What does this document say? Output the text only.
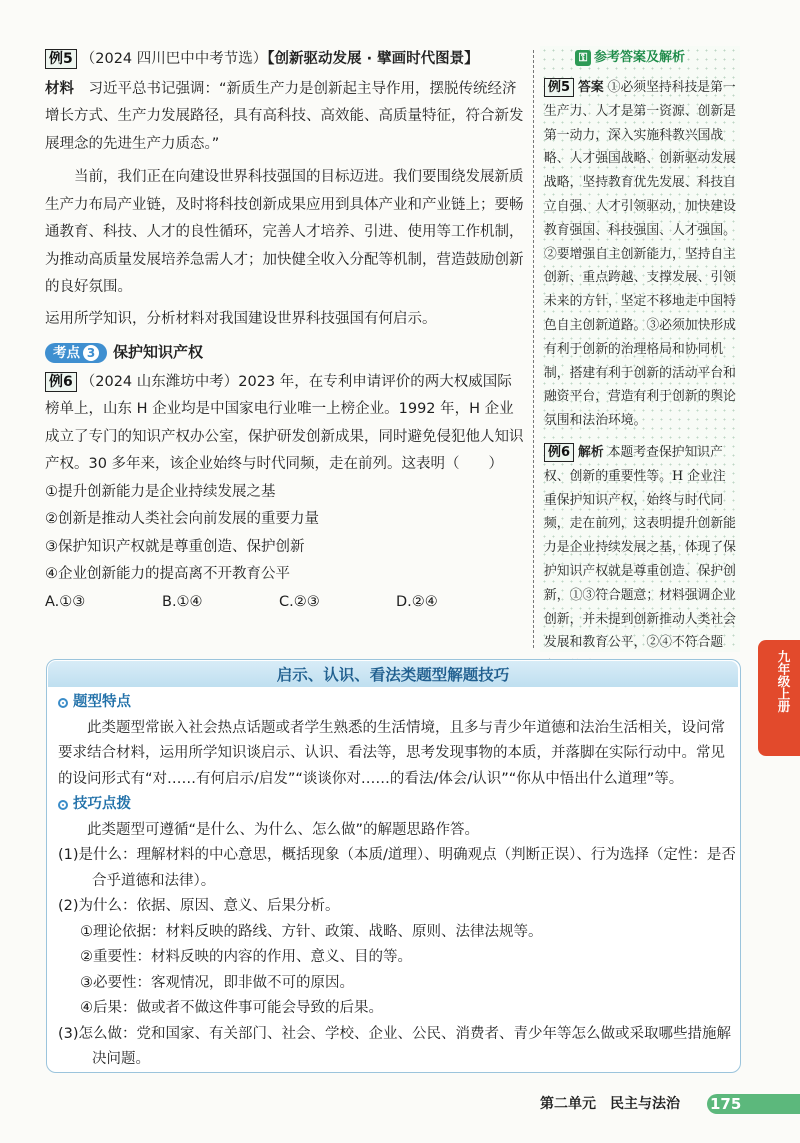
例5 （2024 四川巴中中考节选）【创新驱动发展 · 擘画时代图景】

材料　 习近平总书记强调：“新质生产力是创新起主导作用，摆脱传统经济增长方式、生产力发展路径，具有高科技、高效能、高质量特征，符合新发展理念的先进生产力质态。”

当前，我们正在向建设世界科技强国的目标迈进。我们要围绕发展新质生产力布局产业链，及时将科技创新成果应用到具体产业和产业链上；要畅通教育、科技、人才的良性循环，完善人才培养、引进、使用等工作机制，为推动高质量发展培养急需人才；加快健全收入分配等机制，营造鼓励创新的良好氛围。

运用所学知识，分析材料对我国建设世界科技强国有何启示。

考点 3 保护知识产权

例6 （2024 山东潍坊中考）2023 年，在专利申请评价的两大权威国际榜单上，山东 H 企业均是中国家电行业唯一上榜企业。1992 年，H 企业成立了专门的知识产权办公室，保护研发创新成果，同时避免侵犯他人知识产权。30 多年来，该企业始终与时代同频，走在前列。这表明（　　）

①提升创新能力是企业持续发展之基

②创新是推动人类社会向前发展的重要力量

③保护知识产权就是尊重创造、保护创新

④企业创新能力的提高离不开教育公平

A.①③	B.①④	C.②③	D.②④
⚿ 参考答案及解析

例5 答案 ①必须坚持科技是第一生产力、人才是第一资源、创新是第一动力，深入实施科教兴国战略、人才强国战略、创新驱动发展战略，坚持教育优先发展、科技自立自强、人才引领驱动，加快建设教育强国、科技强国、人才强国。②要增强自主创新能力，坚持自主创新、重点跨越、支撑发展、引领未来的方针，坚定不移地走中国特色自主创新道路。③必须加快形成有利于创新的治理格局和协同机制，搭建有利于创新的活动平台和融资平台，营造有利于创新的舆论氛围和法治环境。

例6 解析 本题考查保护知识产权、创新的重要性等。H 企业注重保护知识产权，始终与时代同频，走在前列，这表明提升创新能力是企业持续发展之基，体现了保护知识产权就是尊重创造、保护创新，①③符合题意；材料强调企业创新，并未提到创新推动人类社会发展和教育公平，②④不符合题

九年级上册
启示、认识、看法类题型解题技巧
题型特点

此类题型常嵌入社会热点话题或者学生熟悉的生活情境，且多与青少年道德和法治生活相关，设问常要求结合材料，运用所学知识谈启示、认识、看法等，思考发现事物的本质，并落脚在实际行动中。常见的设问形式有“对……有何启示/启发”“谈谈你对……的看法/体会/认识”“你从中悟出什么道理”等。

技巧点拨

此类题型可遵循“是什么、为什么、怎么做”的解题思路作答。

(1)是什么：理解材料的中心意思，概括现象（本质/道理）、明确观点（判断正误）、行为选择（定性：是否合乎道德和法律）。

(2)为什么：依据、原因、意义、后果分析。

①理论依据：材料反映的路线、方针、政策、战略、原则、法律法规等。

②重要性：材料反映的内容的作用、意义、目的等。

③必要性：客观情况，即非做不可的原因。

④后果：做或者不做这件事可能会导致的后果。

(3)怎么做：党和国家、有关部门、社会、学校、企业、公民、消费者、青少年等怎么做或采取哪些措施解决问题。

第二单元　民主与法治 175
